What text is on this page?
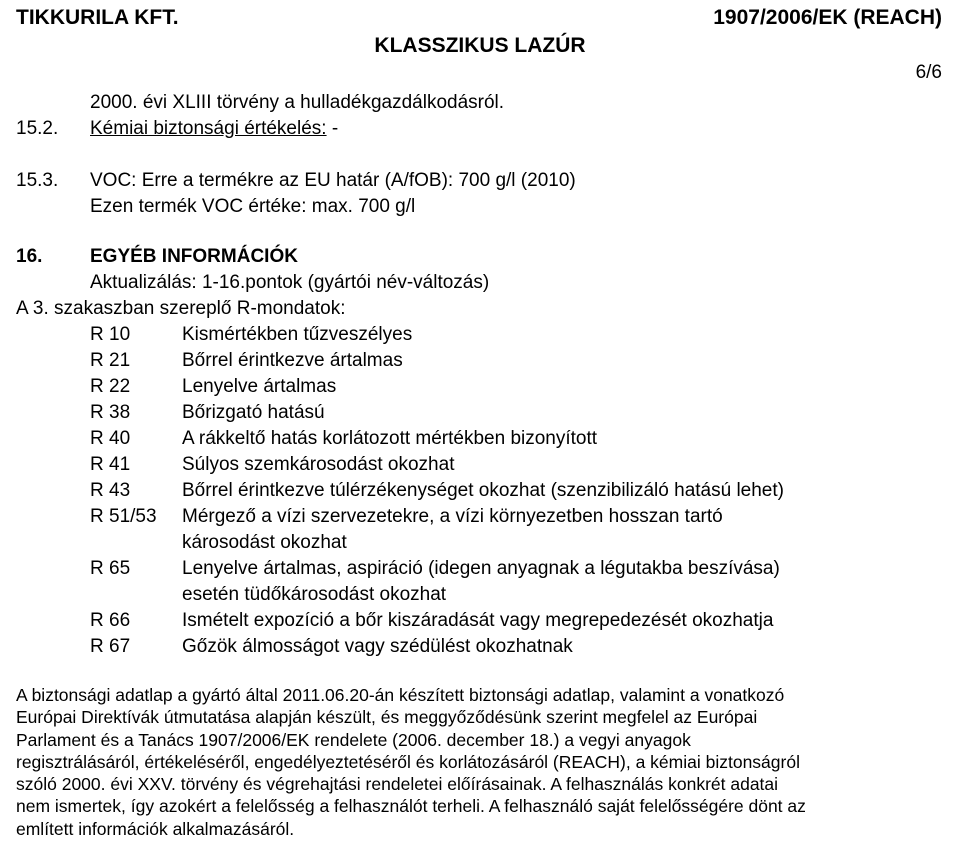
TIKKURILA KFT.	1907/2006/EK (REACH)
KLASSZIKUS LAZÚR
6/6
2000. évi XLIII törvény a hulladékgazdálkodásról.
15.2. Kémiai biztonsági értékelés: -
15.3. VOC: Erre a termékre az EU határ (A/fOB): 700 g/l (2010)
Ezen termék VOC értéke: max. 700 g/l
16.	EGYÉB INFORMÁCIÓK
Aktualizálás: 1-16.pontok (gyártói név-változás)
A 3. szakaszban szereplő R-mondatok:
R 10	Kismértékben tűzveszélyes
R 21	Bőrrel érintkezve ártalmas
R 22	Lenyelve ártalmas
R 38	Bőrizgató hatású
R 40	A rákkeltő hatás korlátozott mértékben bizonyított
R 41	Súlyos szemkárosodást okozhat
R 43	Bőrrel érintkezve túlérzékenységet okozhat (szenzibilizáló hatású lehet)
R 51/53 Mérgező a vízi szervezetekre, a vízi környezetben hosszan tartó
károsodást okozhat
R 65	Lenyelve ártalmas, aspiráció (idegen anyagnak a légutakba beszívása)
esetén tüdőkárosodást okozhat
R 66	Ismételt expozíció a bőr kiszáradását vagy megrepedezését okozhatja
R 67	Gőzök álmosságot vagy szédülést okozhatnak
A biztonsági adatlap a gyártó által 2011.06.20-án készített biztonsági adatlap, valamint a vonatkozó
Európai Direktívák útmutatása alapján készült, és meggyőződésünk szerint megfelel az Európai
Parlament és a Tanács 1907/2006/EK rendelete (2006. december 18.) a vegyi anyagok
regisztrálásáról, értékeléséről, engedélyeztetéséről és korlátozásáról (REACH), a kémiai biztonságról
szóló 2000. évi XXV. törvény és végrehajtási rendeletei előírásainak. A felhasználás konkrét adatai
nem ismertek, így azokért a felelősség a felhasználót terheli. A felhasználó saját felelősségére dönt az
említett információk alkalmazásáról.
